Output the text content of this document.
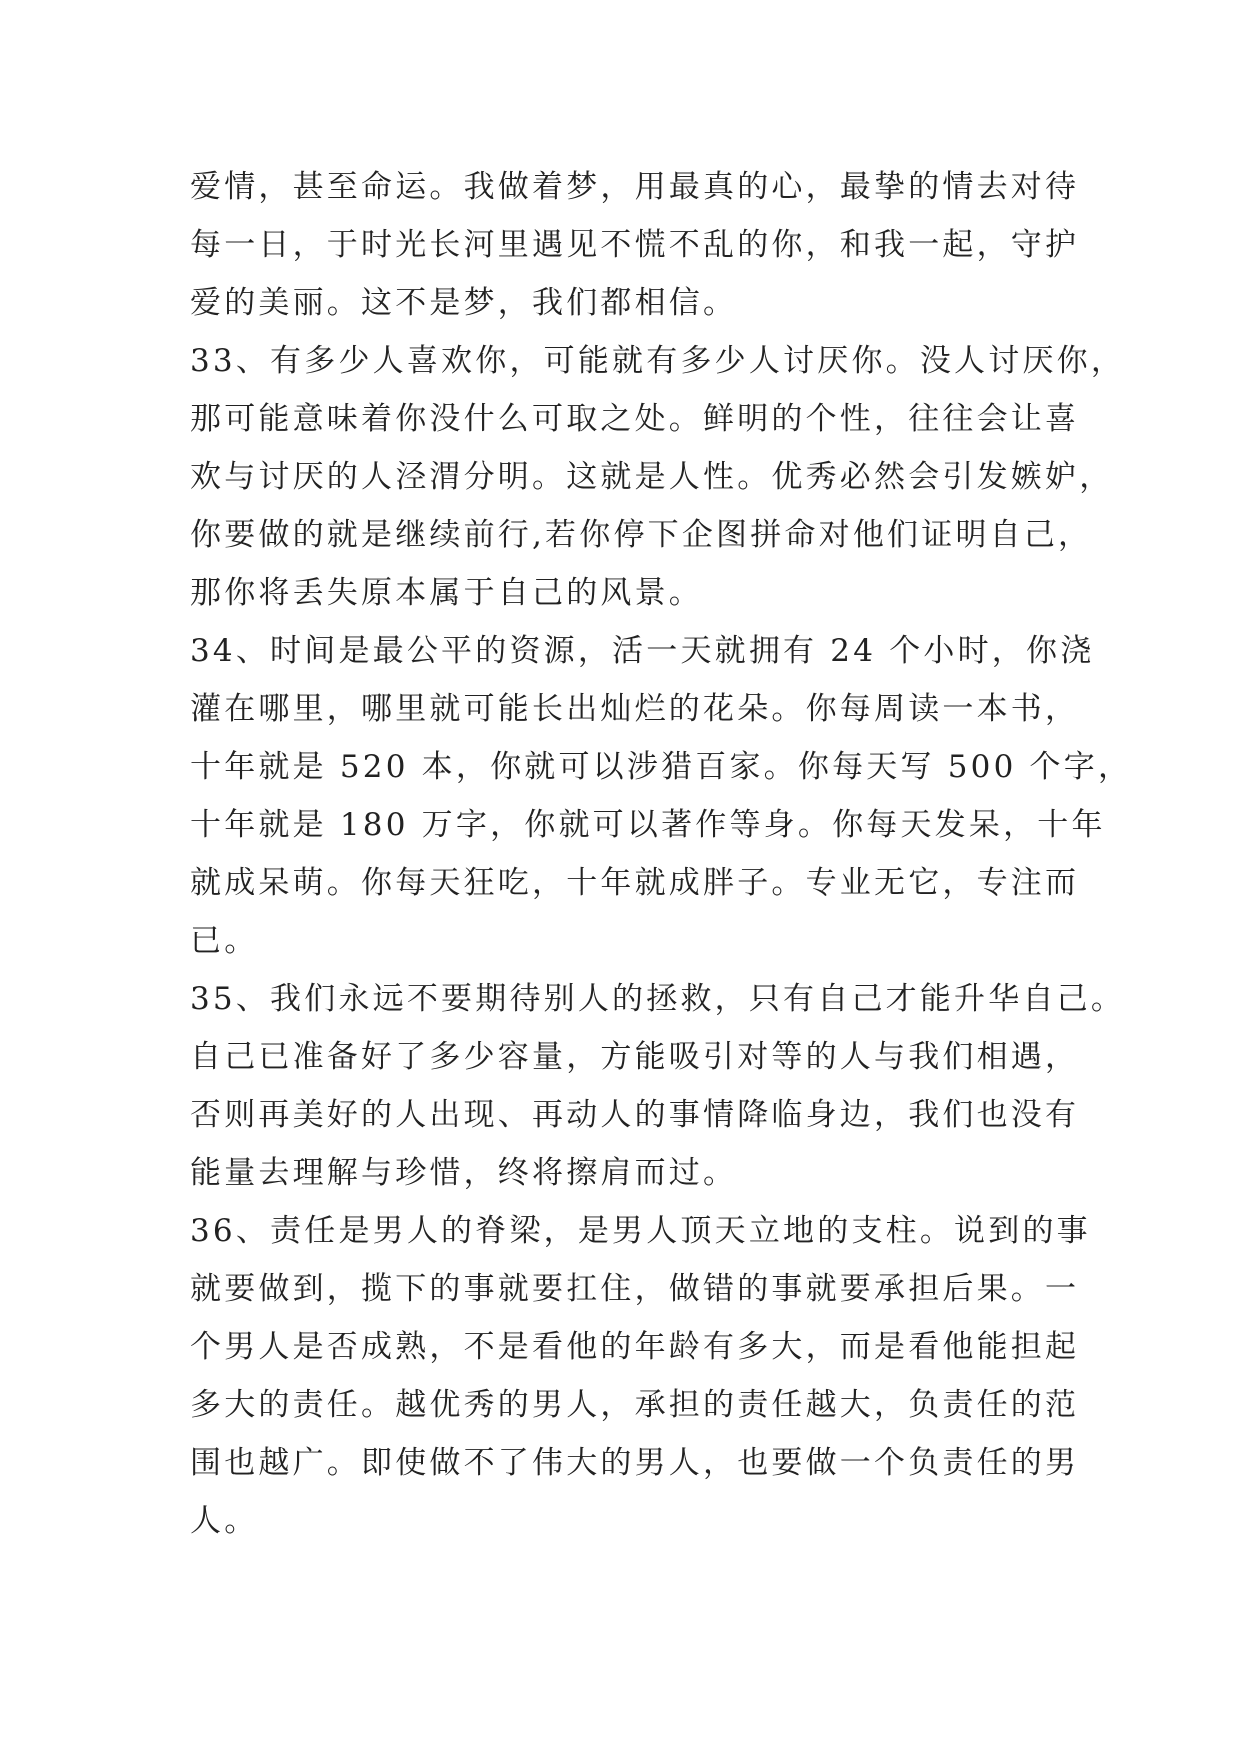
爱情，甚至命运。我做着梦，用最真的心，最挚的情去对待
每一日，于时光长河里遇见不慌不乱的你，和我一起，守护
爱的美丽。这不是梦，我们都相信。
33、有多少人喜欢你，可能就有多少人讨厌你。没人讨厌你，
那可能意味着你没什么可取之处。鲜明的个性，往往会让喜
欢与讨厌的人泾渭分明。这就是人性。优秀必然会引发嫉妒，
你要做的就是继续前行,若你停下企图拼命对他们证明自己，
那你将丢失原本属于自己的风景。
34、时间是最公平的资源，活一天就拥有 24 个小时，你浇
灌在哪里，哪里就可能长出灿烂的花朵。你每周读一本书，
十年就是 520 本，你就可以涉猎百家。你每天写 500 个字，
十年就是 180 万字，你就可以著作等身。你每天发呆，十年
就成呆萌。你每天狂吃，十年就成胖子。专业无它，专注而
已。
35、我们永远不要期待别人的拯救，只有自己才能升华自己。
自己已准备好了多少容量，方能吸引对等的人与我们相遇，
否则再美好的人出现、再动人的事情降临身边，我们也没有
能量去理解与珍惜，终将擦肩而过。
36、责任是男人的脊梁，是男人顶天立地的支柱。说到的事
就要做到，揽下的事就要扛住，做错的事就要承担后果。一
个男人是否成熟，不是看他的年龄有多大，而是看他能担起
多大的责任。越优秀的男人，承担的责任越大，负责任的范
围也越广。即使做不了伟大的男人，也要做一个负责任的男
人。
